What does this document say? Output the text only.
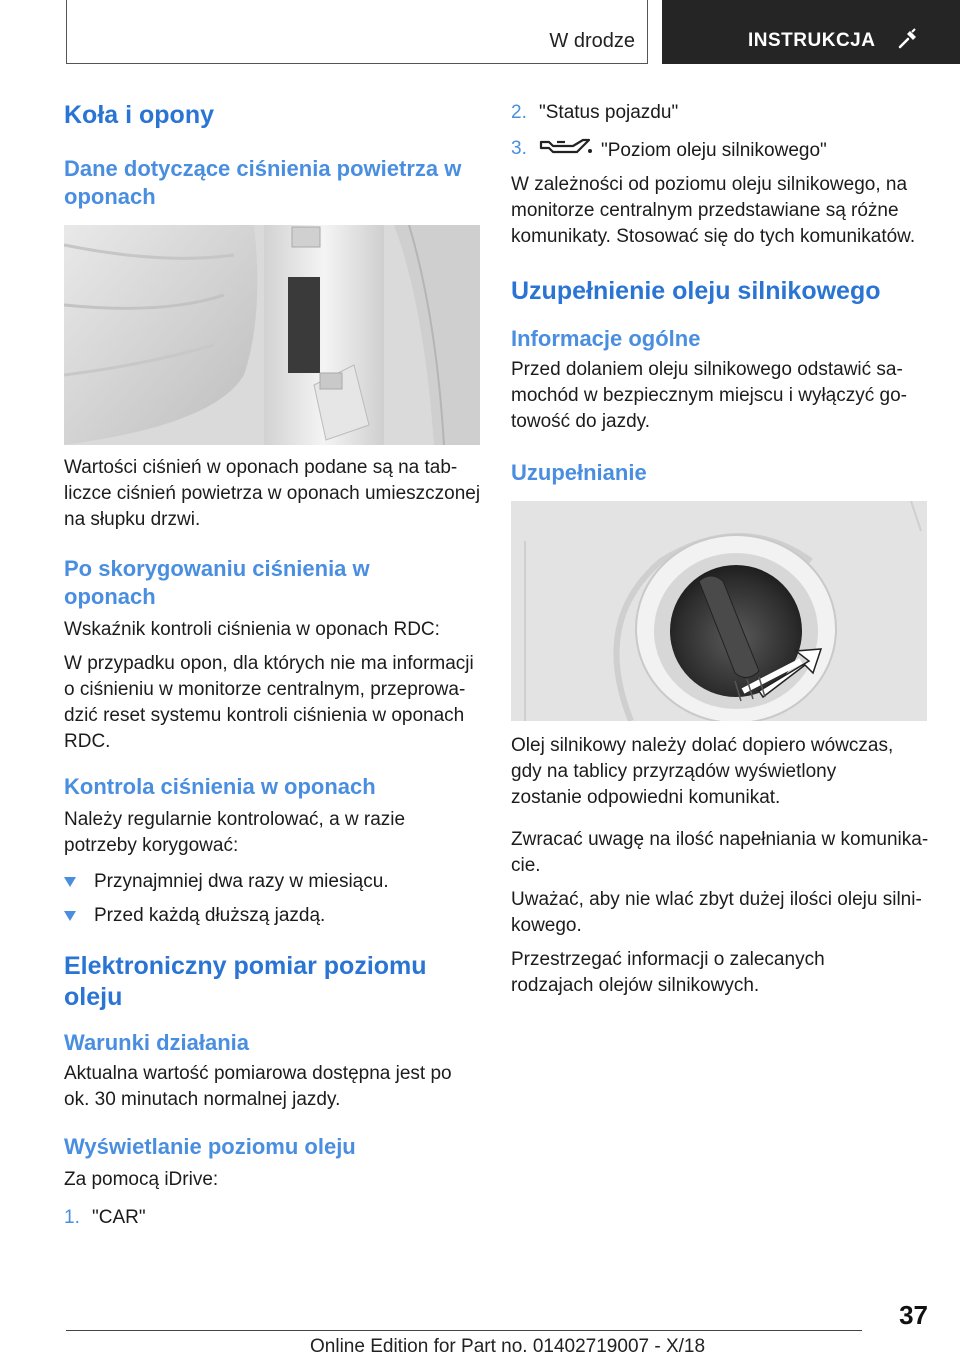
W drodze	INSTRUKCJA
Koła i opony
Dane dotyczące ciśnienia powietrza w oponach

Wartości ciśnień w oponach podane są na tabliczce ciśnień powietrza w oponach umieszczonej na słupku drzwi.

Po skorygowaniu ciśnienia w oponach

Wskaźnik kontroli ciśnienia w oponach RDC:

W przypadku opon, dla których nie ma informacji o ciśnieniu w monitorze centralnym, przeprowadzić reset systemu kontroli ciśnienia w oponach RDC.

Kontrola ciśnienia w oponach

Należy regularnie kontrolować, a w razie potrzeby korygować:

Przynajmniej dwa razy w miesiącu.
Przed każdą dłuższą jazdą.
Elektroniczny pomiar poziomu oleju
Warunki działania

Aktualna wartość pomiarowa dostępna jest po ok. 30 minutach normalnej jazdy.

Wyświetlanie poziomu oleju

Za pomocą iDrive:

1. "CAR"
2. "Status pojazdu"
3.	"Poziom oleju silnikowego"

W zależności od poziomu oleju silnikowego, na monitorze centralnym przedstawiane są różne komunikaty. Stosować się do tych komunikatów.

Uzupełnienie oleju silnikowego
Informacje ogólne

Przed dolaniem oleju silnikowego odstawić samochód w bezpiecznym miejscu i wyłączyć gotowość do jazdy.

Uzupełnianie

Olej silnikowy należy dolać dopiero wówczas, gdy na tablicy przyrządów wyświetlony zostanie odpowiedni komunikat.

Zwracać uwagę na ilość napełniania w komunikacie.

Uważać, aby nie wlać zbyt dużej ilości oleju silnikowego.

Przestrzegać informacji o zalecanych rodzajach olejów silnikowych.

37
Online Edition for Part no. 01402719007 - X/18
